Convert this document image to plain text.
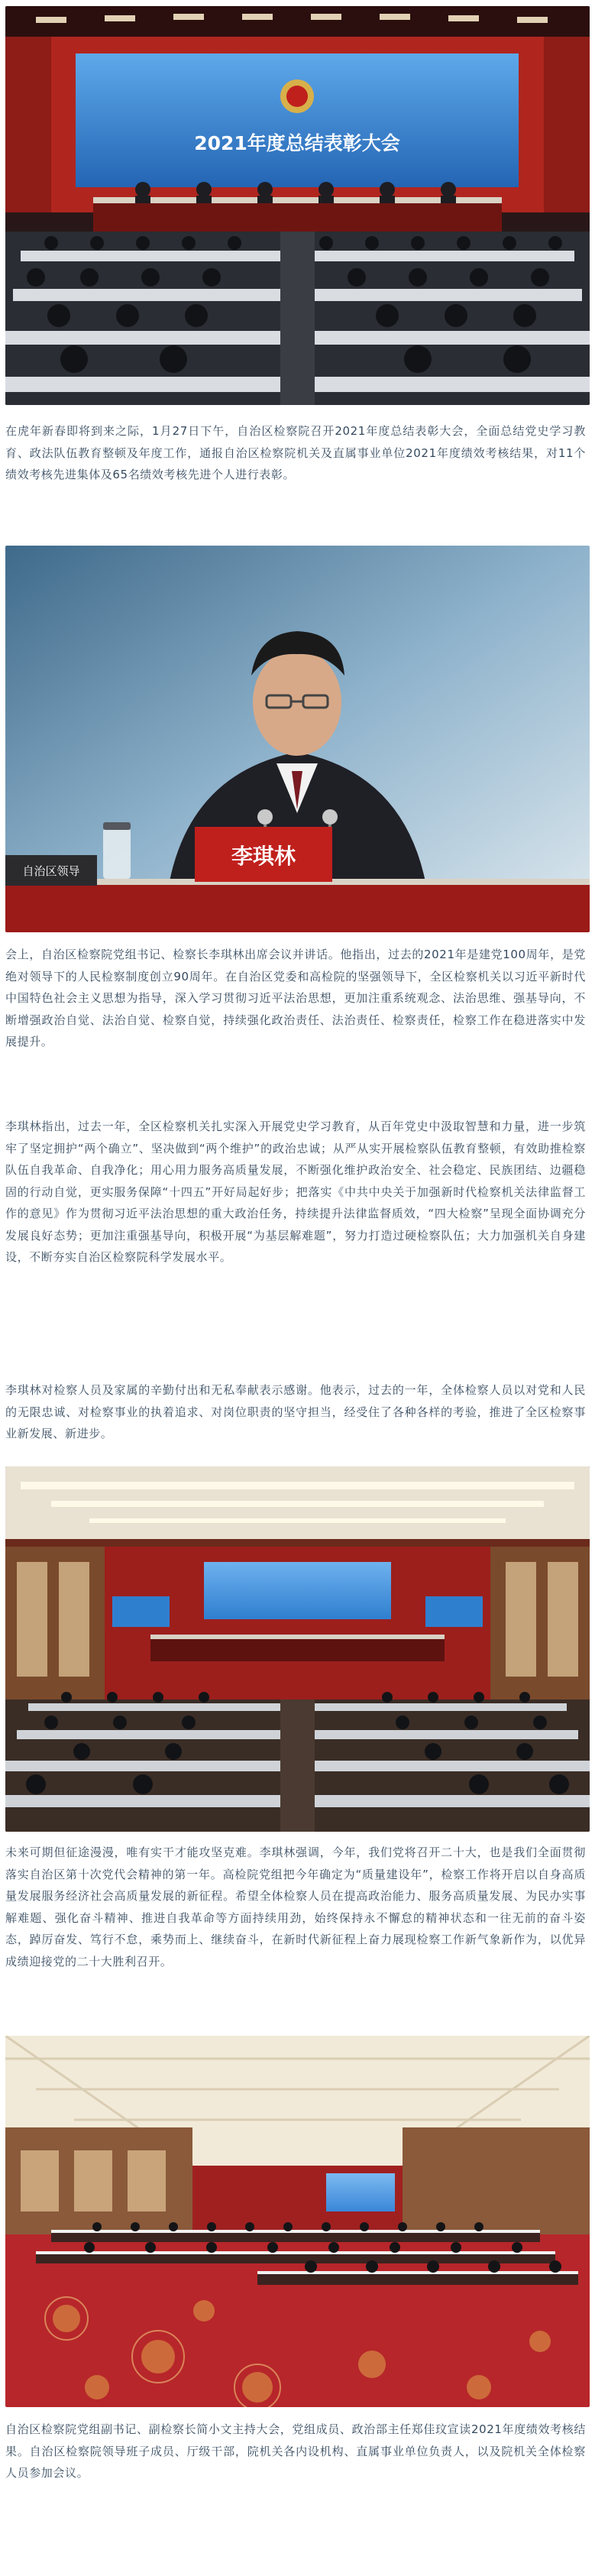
2021年度总结表彰大会

在虎年新春即将到来之际，1月27日下午，自治区检察院召开2021年度总结表彰大会，全面总结党史学习教育、政法队伍教育整顿及年度工作，通报自治区检察院机关及直属事业单位2021年度绩效考核结果，对11个绩效考核先进集体及65名绩效考核先进个人进行表彰。

李琪林
自治区领导

会上，自治区检察院党组书记、检察长李琪林出席会议并讲话。他指出，过去的2021年是建党100周年，是党绝对领导下的人民检察制度创立90周年。在自治区党委和高检院的坚强领导下，全区检察机关以习近平新时代中国特色社会主义思想为指导，深入学习贯彻习近平法治思想，更加注重系统观念、法治思维、强基导向，不断增强政治自觉、法治自觉、检察自觉，持续强化政治责任、法治责任、检察责任，检察工作在稳进落实中发展提升。

李琪林指出，过去一年，全区检察机关扎实深入开展党史学习教育，从百年党史中汲取智慧和力量，进一步筑牢了坚定拥护“两个确立”、坚决做到“两个维护”的政治忠诚；从严从实开展检察队伍教育整顿，有效助推检察队伍自我革命、自我净化；用心用力服务高质量发展，不断强化维护政治安全、社会稳定、民族团结、边疆稳固的行动自觉，更实服务保障“十四五”开好局起好步；把落实《中共中央关于加强新时代检察机关法律监督工作的意见》作为贯彻习近平法治思想的重大政治任务，持续提升法律监督质效，“四大检察”呈现全面协调充分发展良好态势；更加注重强基导向，积极开展“为基层解难题”，努力打造过硬检察队伍；大力加强机关自身建设，不断夯实自治区检察院科学发展水平。

李琪林对检察人员及家属的辛勤付出和无私奉献表示感谢。他表示，过去的一年，全体检察人员以对党和人民的无限忠诚、对检察事业的执着追求、对岗位职责的坚守担当，经受住了各种各样的考验，推进了全区检察事业新发展、新进步。

未来可期但征途漫漫，唯有实干才能攻坚克难。李琪林强调，今年，我们党将召开二十大，也是我们全面贯彻落实自治区第十次党代会精神的第一年。高检院党组把今年确定为“质量建设年”，检察工作将开启以自身高质量发展服务经济社会高质量发展的新征程。希望全体检察人员在提高政治能力、服务高质量发展、为民办实事解难题、强化奋斗精神、推进自我革命等方面持续用劲，始终保持永不懈怠的精神状态和一往无前的奋斗姿态，踔厉奋发、笃行不怠，乘势而上、继续奋斗，在新时代新征程上奋力展现检察工作新气象新作为，以优异成绩迎接党的二十大胜利召开。

自治区检察院党组副书记、副检察长简小文主持大会，党组成员、政治部主任郑佳玟宣读2021年度绩效考核结果。自治区检察院领导班子成员、厅级干部，院机关各内设机构、直属事业单位负责人，以及院机关全体检察人员参加会议。
